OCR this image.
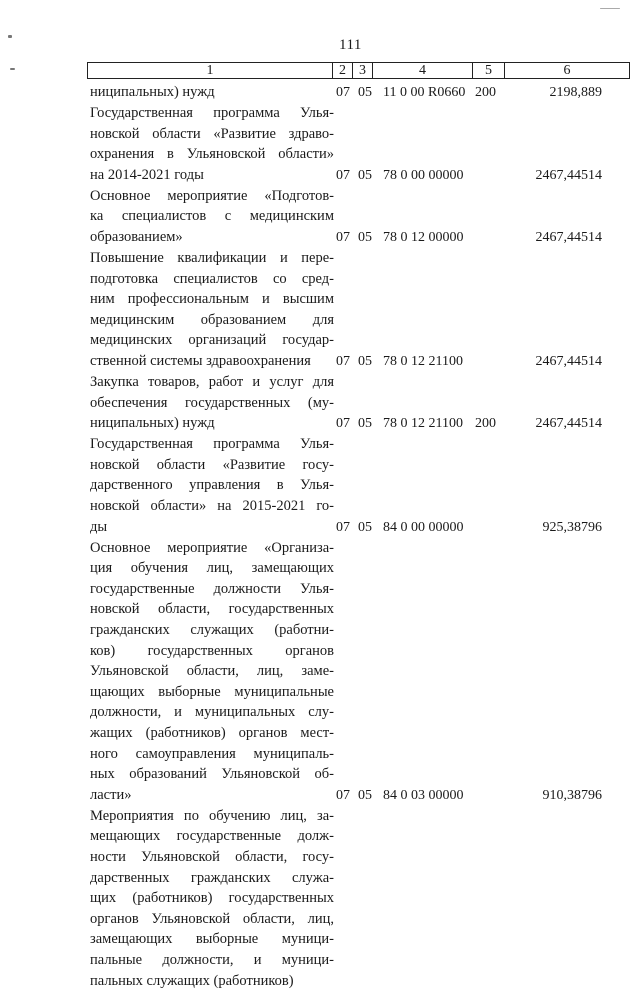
111
1	2 3	4	5	6
ниципальных) нужд	07 05 11 0 00 R0660 200	2198,889
Государственная программа Улья-
новской области «Развитие здраво-
охранения в Ульяновской области»
на 2014-2021 годы	07 05 78 0 00 00000	2467,44514
Основное мероприятие «Подготов-
ка специалистов с медицинским
образованием»	07 05 78 0 12 00000	2467,44514
Повышение квалификации и пере-
подготовка специалистов со сред-
ним профессиональным и высшим
медицинским образованием для
медицинских организаций государ-
ственной системы здравоохранения	07 05 78 0 12 21100	2467,44514
Закупка товаров, работ и услуг для
обеспечения государственных (му-
ниципальных) нужд	07 05 78 0 12 21100 200	2467,44514
Государственная программа Улья-
новской области «Развитие госу-
дарственного управления в Улья-
новской области» на 2015-2021 го-
ды	07 05 84 0 00 00000	925,38796
Основное мероприятие «Организа-
ция обучения лиц, замещающих
государственные должности Улья-
новской области, государственных
гражданских служащих (работни-
ков) государственных органов
Ульяновской области, лиц, заме-
щающих выборные муниципальные
должности, и муниципальных слу-
жащих (работников) органов мест-
ного самоуправления муниципаль-
ных образований Ульяновской об-
ласти»	07 05 84 0 03 00000	910,38796
Мероприятия по обучению лиц, за-
мещающих государственные долж-
ности Ульяновской области, госу-
дарственных гражданских служа-
щих (работников) государственных
органов Ульяновской области, лиц,
замещающих выборные муници-
пальные должности, и муници-
пальных служащих (работников)
